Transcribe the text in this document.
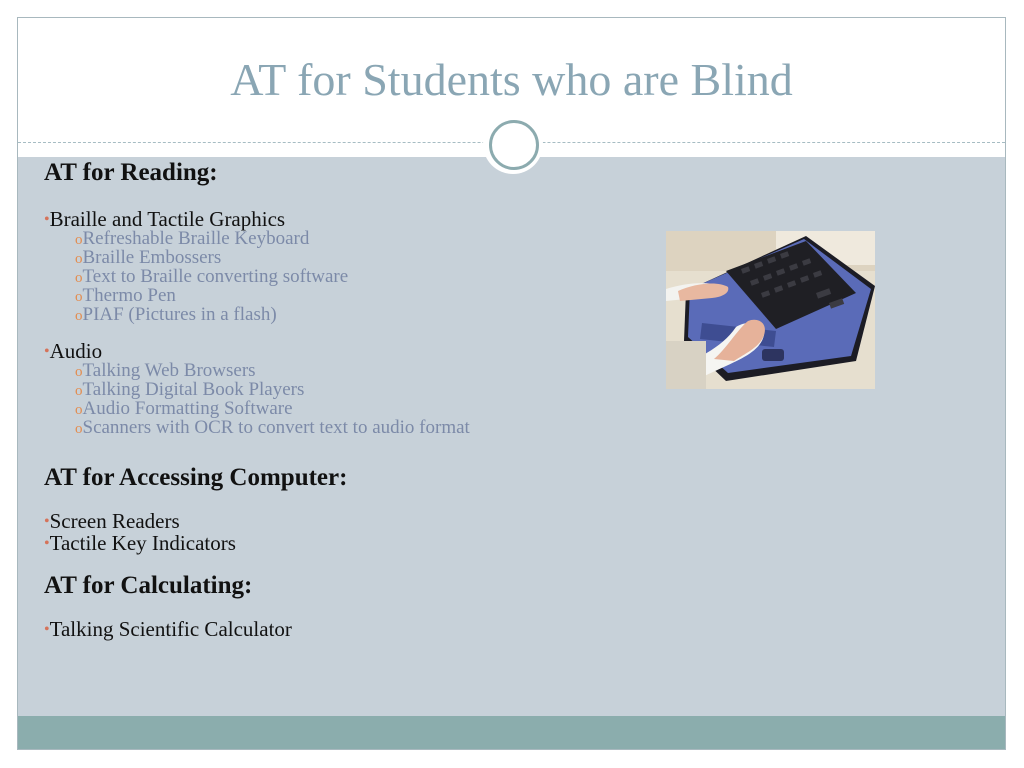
AT for Students who are Blind
AT for Reading:
•Braille and Tactile Graphics
oRefreshable Braille Keyboard
oBraille Embossers
oText to Braille converting software
oThermo Pen
oPIAF (Pictures in a flash)
•Audio
oTalking Web Browsers
oTalking Digital Book Players
oAudio Formatting Software
oScanners with OCR to convert text to audio format
AT for Accessing Computer:
•Screen Readers
•Tactile Key Indicators
AT for Calculating:
•Talking Scientific Calculator
